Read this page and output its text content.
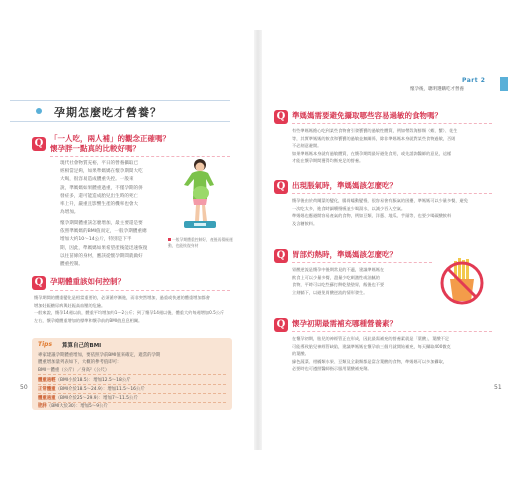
孕期怎麼吃才營養？
Q 「一人吃，兩人補」的觀念正確嗎？
懷孕胖一點真的比較好嗎？
現代社會物質充裕，平日的營養攝取已
經相當足夠，如果準媽媽在懷孕期間大吃
大喝，很容易造成體重失控。一般來
說，準媽媽如果體重過重，不僅孕期的併
發症多，還可能造成胎兒出生時的死亡
率上升，嚴重且影響生產的機率也會大
為增加。
懷孕期間體重該怎麼增加，最主要還是要
依照準媽媽的BMI值而定，一般孕期體重總
增加大約10～14公斤，特別是下半
期，因此，準媽媽如果希望產後能迅速恢復
以往苗條的身材，應該從懷孕期間就做好
體重控制。
一般孕期體重控制好，產後再積極運動，也能恢復身材
Q 孕期體重該如何控制？
懷孕期間的體重變化是相當重要的，必須循序漸進，而非突然增加，過重或快速的體重增加都會
增加妊娠糖尿病與妊娠高血壓的危險。
一般來說，懷孕14週以前，體重平均增加約1～2公斤；到了懷孕14週以後，體重大約每週增加0.5公斤
左右，懷孕總體重增加的標準和懷孕前的BMI值息息相關。
Tips 算算自己的BMI
專家建議孕期體重增加，要依照孕前BMI值來確定，適當的孕期
體重增加量列表如下，大概的參考值即可：
BMI＝體重（公斤）／身高²（公尺）
體重過輕（BMI小於18.5）：增加12.5～18公斤
正常體重（BMI介於18.5～24.9）：增加11.5～16公斤
體重過重（BMI介於25～29.9）：增加7～11.5公斤
肥胖（BMI大於30）：增加5～9公斤
50
Part 2
懷孕後，聰明選購吃才營養
Q 準媽媽需要避免攝取哪些容易過敏的食物嗎？
有些準媽媽擔心吃到某些食物會引發寶寶的過敏性體質，例如帶殼海鮮類（蝦、蟹）、花生
等，其實準媽媽的飲食和寶寶的過敏並無關係，除非準媽媽本身就對某些食物過敏，否則
不必刻意避開。
如果準媽媽本身就有過敏體質，在懷孕期間最好避免食用，或先諮詢醫師的意見，這樣
才能在懷孕期間獲得均衡充足的營養。
Q 出現脹氣時，準媽媽該怎麼吃？
懷孕後由於荷爾蒙的變化，腸胃蠕動變慢，很容易會有脹氣的困擾，準媽媽可以少量多餐，避免
一次吃太多，進食時細嚼慢嚥並少喝湯水，以減少吞入空氣。
準媽媽也應避開容易產氣的食物，例如豆類、洋蔥、地瓜、芋頭等，也要少喝碳酸飲料
及含糖飲料。
Q 胃部灼熱時，準媽媽該怎麼吃？
胃酸逆流是懷孕中後期常見的不適，建議準媽媽在
飲食上可以少量多餐，盡量少吃刺激性或油膩的
食物，平時可以吃些蘇打餅乾墊墊胃，飯後也不要
立刻躺下，以避免胃酸逆流的情形發生。
Q 懷孕初期最需補充哪種營養素？
在懷孕初期，胎兒的神經管正在形成，因此最需補充的營養素就是「葉酸」，葉酸不足
可能導致胎兒神經管缺陷，建議準媽媽在懷孕前三個月就開始補充，每天攝取400微克
的葉酸。
綠色蔬菜、柑橘類水果、豆類及全穀類都是富含葉酸的食物，準媽媽可以多加攝取，
必要時也可遵照醫師指示服用葉酸補充劑。
51
